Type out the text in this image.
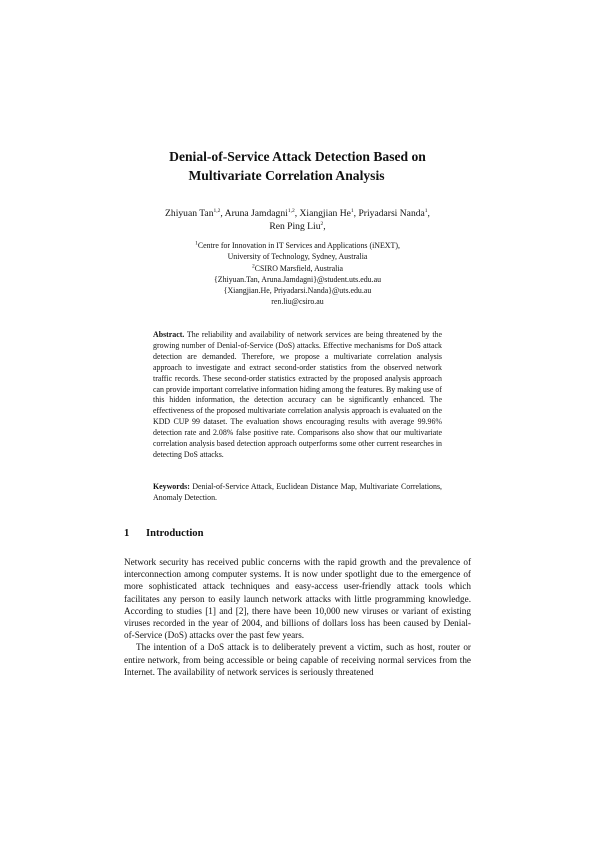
Denial-of-Service Attack Detection Based on
Multivariate Correlation Analysis
Zhiyuan Tan$^{1,2}$, Aruna Jamdagni$^{1,2}$, Xiangjian He$^1$, Priyadarsi Nanda$^1$,
Ren Ping Liu$^2$,
$^1$Centre for Innovation in IT Services and Applications (iNEXT),
University of Technology, Sydney, Australia
$^2$CSIRO Marsfield, Australia
{Zhiyuan.Tan, Aruna.Jamdagni}@student.uts.edu.au
{Xiangjian.He, Priyadarsi.Nanda}@uts.edu.au
ren.liu@csiro.au

Abstract. The reliability and availability of network services are being threatened by the growing number of Denial-of-Service (DoS) attacks. Effective mechanisms for DoS attack detection are demanded. Therefore, we propose a multivariate correlation analysis approach to investigate and extract second-order statistics from the observed network traffic records. These second-order statistics extracted by the proposed analysis approach can provide important correlative information hiding among the features. By making use of this hidden information, the detection accuracy can be significantly enhanced. The effectiveness of the proposed multivariate correlation analysis approach is evaluated on the KDD CUP 99 dataset. The evaluation shows encouraging results with average 99.96% detection rate and 2.08% false positive rate. Comparisons also show that our multivariate correlation analysis based detection approach outperforms some other current researches in detecting DoS attacks.

Keywords: Denial-of-Service Attack, Euclidean Distance Map, Multivariate Correlations, Anomaly Detection.

1 Introduction

Network security has received public concerns with the rapid growth and the prevalence of interconnection among computer systems. It is now under spotlight due to the emergence of more sophisticated attack techniques and easy-access user-friendly attack tools which facilitates any person to easily launch network attacks with little programming knowledge. According to studies [1] and [2], there have been 10,000 new viruses or variant of existing viruses recorded in the year of 2004, and billions of dollars loss has been caused by Denial-of-Service (DoS) attacks over the past few years.

The intention of a DoS attack is to deliberately prevent a victim, such as host, router or entire network, from being accessible or being capable of receiving normal services from the Internet. The availability of network services is seriously threatened
